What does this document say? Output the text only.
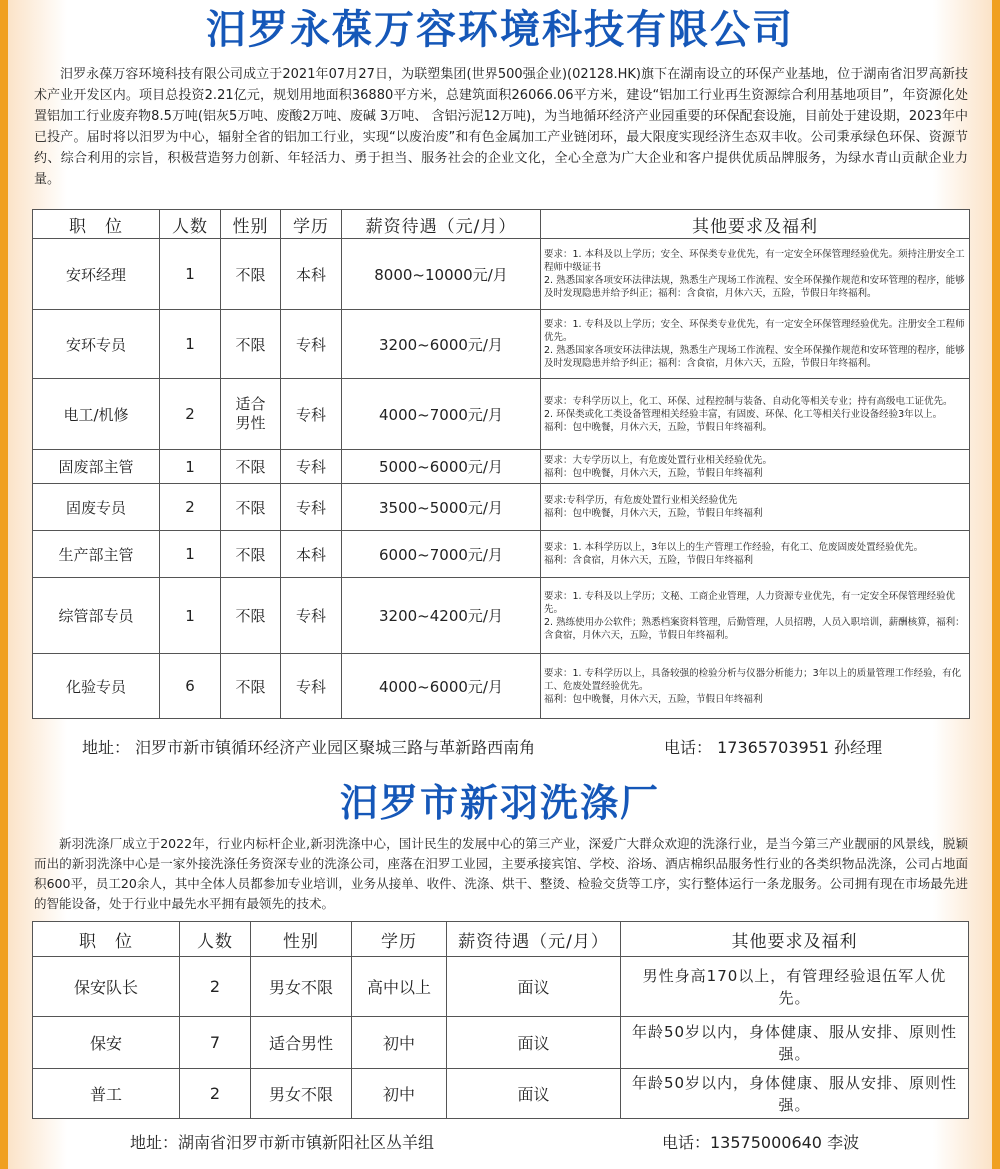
汨罗永葆万容环境科技有限公司

汨罗永葆万容环境科技有限公司成立于2021年07月27日，为联塑集团(世界500强企业)(02128.HK)旗下在湖南设立的环保产业基地，位于湖南省汨罗高新技术产业开发区内。项目总投资2.21亿元，规划用地面积36880平方米，总建筑面积26066.06平方米，建设“铝加工行业再生资源综合利用基地项目”，年资源化处置铝加工行业废弃物8.5万吨(铝灰5万吨、废酸2万吨、废碱 3万吨、 含铝污泥12万吨)，为当地循环经济产业园重要的环保配套设施，目前处于建设期，2023年中已投产。届时将以汨罗为中心，辐射全省的铝加工行业，实现“以废治废”和有色金属加工产业链闭环，最大限度实现经济生态双丰收。公司秉承绿色环保、资源节约、综合利用的宗旨，积极营造努力创新、年轻活力、勇于担当、服务社会的企业文化，全心全意为广大企业和客户提供优质品牌服务，为绿水青山贡献企业力量。

职　位	人数	性别	学历	薪资待遇（元/月）	其他要求及福利
安环经理	1	不限	本科	8000~10000元/月	要求：1. 本科及以上学历；安全、环保类专业优先，有一定安全环保管理经验优先。须持注册安全工程师中级证书
2. 熟悉国家各项安环法律法规，熟悉生产现场工作流程、安全环保操作规范和安环管理的程序，能够及时发现隐患并给予纠正；福利：含食宿，月休六天，五险，节假日年终福利。
安环专员	1	不限	专科	3200~6000元/月	要求：1. 专科及以上学历；安全、环保类专业优先，有一定安全环保管理经验优先。注册安全工程师优先。
2. 熟悉国家各项安环法律法规，熟悉生产现场工作流程、安全环保操作规范和安环管理的程序，能够及时发现隐患并给予纠正；福利：含食宿，月休六天，五险，节假日年终福利。
电工/机修	2	适合男性	专科	4000~7000元/月	要求：专科学历以上，化工、环保、过程控制与装备、自动化等相关专业；持有高级电工证优先。
2. 环保类或化工类设备管理相关经验丰富，有固废、环保、化工等相关行业设备经验3年以上。
福利：包中晚餐，月休六天，五险，节假日年终福利。
固废部主管	1	不限	专科	5000~6000元/月	要求：大专学历以上，有危废处置行业相关经验优先。
福利：包中晚餐，月休六天，五险，节假日年终福利
固废专员	2	不限	专科	3500~5000元/月	要求:专科学历，有危废处置行业相关经验优先
福利：包中晚餐，月休六天，五险，节假日年终福利
生产部主管	1	不限	本科	6000~7000元/月	要求：1. 本科学历以上，3年以上的生产管理工作经验，有化工、危废固废处置经验优先。
福利：含食宿，月休六天，五险，节假日年终福利
综管部专员	1	不限	专科	3200~4200元/月	要求：1. 专科及以上学历；文秘、工商企业管理，人力资源专业优先，有一定安全环保管理经验优先。
2. 熟练使用办公软件；熟悉档案资料管理，后勤管理，人员招聘，人员入职培训，薪酬核算，福利：含食宿，月休六天，五险，节假日年终福利。
化验专员	6	不限	专科	4000~6000元/月	要求：1. 专科学历以上，具备较强的检验分析与仪器分析能力；3年以上的质量管理工作经验，有化工、危废处置经验优先。
福利：包中晚餐，月休六天，五险，节假日年终福利
地址： 汨罗市新市镇循环经济产业园区聚城三路与革新路西南角	电话： 17365703951 孙经理
汨罗市新羽洗涤厂

新羽洗涤厂成立于2022年，行业内标杆企业,新羽洗涤中心，国计民生的发展中心的第三产业，深爱广大群众欢迎的洗涤行业，是当今第三产业靓丽的风景线，脱颖而出的新羽洗涤中心是一家外接洗涤任务资深专业的洗涤公司，座落在汨罗工业园，主要承接宾馆、学校、浴场、酒店棉织品服务性行业的各类织物品洗涤，公司占地面积600平，员工20余人，其中全体人员都参加专业培训，业务从接单、收件、洗涤、烘干、整烫、检验交货等工序，实行整体运行一条龙服务。公司拥有现在市场最先进的智能设备，处于行业中最先水平拥有最领先的技术。

职　位	人数	性别	学历	薪资待遇（元/月）	其他要求及福利
保安队长	2	男女不限	高中以上	面议	男性身高170以上，有管理经验退伍军人优先。
保安	7	适合男性	初中	面议	年龄50岁以内，身体健康、服从安排、原则性强。
普工	2	男女不限	初中	面议	年龄50岁以内，身体健康、服从安排、原则性强。
地址：湖南省汨罗市新市镇新阳社区丛羊组	电话：13575000640 李波
